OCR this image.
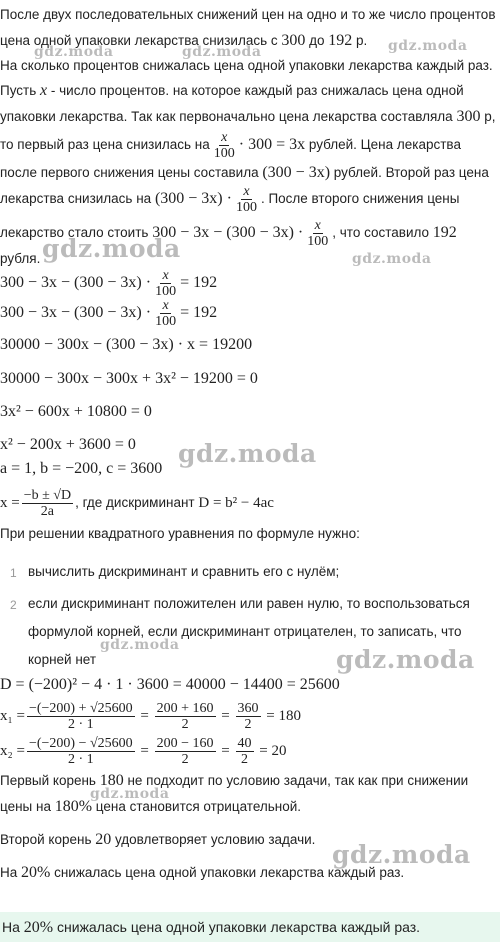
После двух последовательных снижений цен на одно и то же число процентов
цена одной упаковки лекарства снизилась с 300 до 192 р.
На сколько процентов снижалась цена одной упаковки лекарства каждый раз.
Пусть x - число процентов. на которое каждый раз снижалась цена одной
упаковки лекарства. Так как первоначально цена лекарства составляла 300 р,
то первый раз цена снизилась на $\frac{x}{100} \cdot 300 = 3x$ рублей. Цена лекарства
после первого снижения цены составила (300 − 3x) рублей. Второй раз цена
лекарства снизилась на $(300 - 3x) \cdot \frac{x}{100}$ . После второго снижения цены
лекарство стало стоить $300 - 3x - (300 - 3x) \cdot \frac{x}{100}$ , что составило 192
рубля.
$300 - 3x - (300 - 3x) \cdot \frac{x}{100} = 192$
$300 - 3x - (300 - 3x) \cdot \frac{x}{100} = 192$
30000 − 300x − (300 − 3x) · x = 19200
30000 − 300x − 300x + 3x² − 19200 = 0
3x² − 600x + 10800 = 0
x² − 200x + 3600 = 0
a = 1, b = −200, c = 3600
$x = \frac{-b \pm √D}{2a}$ , где дискриминант D = b² − 4ac
При решении квадратного уравнения по формуле нужно:
1 вычислить дискриминант и сравнить его с нулём;
2 если дискриминант положителен или равен нулю, то воспользоваться
формулой корней, если дискриминант отрицателен, то записать, что
корней нет
D = (−200)² − 4 · 1 · 3600 = 40000 − 14400 = 25600
$x_1 = \frac{-(-200) + √25600}{2 \cdot 1} = \frac{200 + 160}{2} = \frac{360}{2} = 180$
$x_2 = \frac{-(-200) - √25600}{2 \cdot 1} = \frac{200 - 160}{2} = \frac{40}{2} = 20$
Первый корень 180 не подходит по условию задачи, так как при снижении
цены на 180% цена становится отрицательной.
Второй корень 20 удовлетворяет условию задачи.
На 20% снижалась цена одной упаковки лекарства каждый раз.
На 20% снижалась цена одной упаковки лекарства каждый раз.
gdz.moda	gdz.moda	gdz.moda
gdz.moda	gdz.moda
gdz.moda
gdz.moda	gdz.moda
gdz.moda
gdz.moda
